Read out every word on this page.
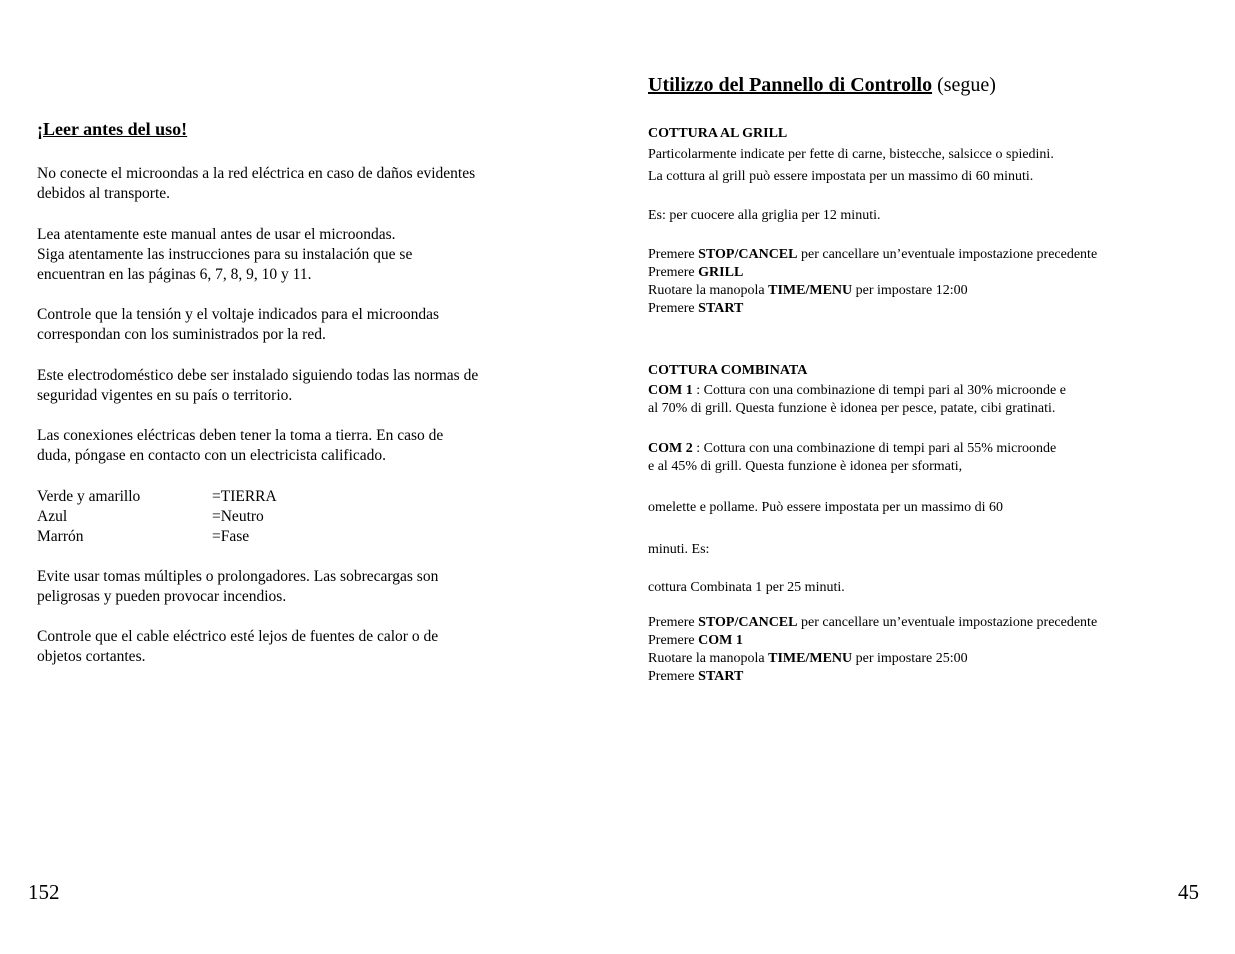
¡Leer antes del uso!
No conecte el microondas a la red eléctrica en caso de daños evidentes
debidos al transporte.
Lea atentamente este manual antes de usar el microondas.
Siga atentamente las instrucciones para su instalación que se
encuentran en las páginas 6, 7, 8, 9, 10 y 11.
Controle que la tensión y el voltaje indicados para el microondas
correspondan con los suministrados por la red.
Este electrodoméstico debe ser instalado siguiendo todas las normas de
seguridad vigentes en su país o territorio.
Las conexiones eléctricas deben tener la toma a tierra. En caso de
duda, póngase en contacto con un electricista calificado.
Verde y amarillo	=TIERRA
Azul	=Neutro
Marrón	=Fase
Evite usar tomas múltiples o prolongadores. Las sobrecargas son
peligrosas y pueden provocar incendios.
Controle que el cable eléctrico esté lejos de fuentes de calor o de
objetos cortantes.
152
Utilizzo del Pannello di Controllo (segue)
COTTURA AL GRILL
Particolarmente indicate per fette di carne, bistecche, salsicce o spiedini.
La cottura al grill può essere impostata per un massimo di 60 minuti.
Es: per cuocere alla griglia per 12 minuti.
Premere STOP/CANCEL per cancellare un’eventuale impostazione precedente
Premere GRILL
Ruotare la manopola TIME/MENU per impostare 12:00
Premere START
COTTURA COMBINATA
COM 1 : Cottura con una combinazione di tempi pari al 30% microonde e
al 70% di grill. Questa funzione è idonea per pesce, patate, cibi gratinati.
COM 2 : Cottura con una combinazione di tempi pari al 55% microonde
e al 45% di grill. Questa funzione è idonea per sformati,
omelette e pollame. Può essere impostata per un massimo di 60
minuti. Es:
cottura Combinata 1 per 25 minuti.
Premere STOP/CANCEL per cancellare un’eventuale impostazione precedente
Premere COM 1
Ruotare la manopola TIME/MENU per impostare 25:00
Premere START
45
